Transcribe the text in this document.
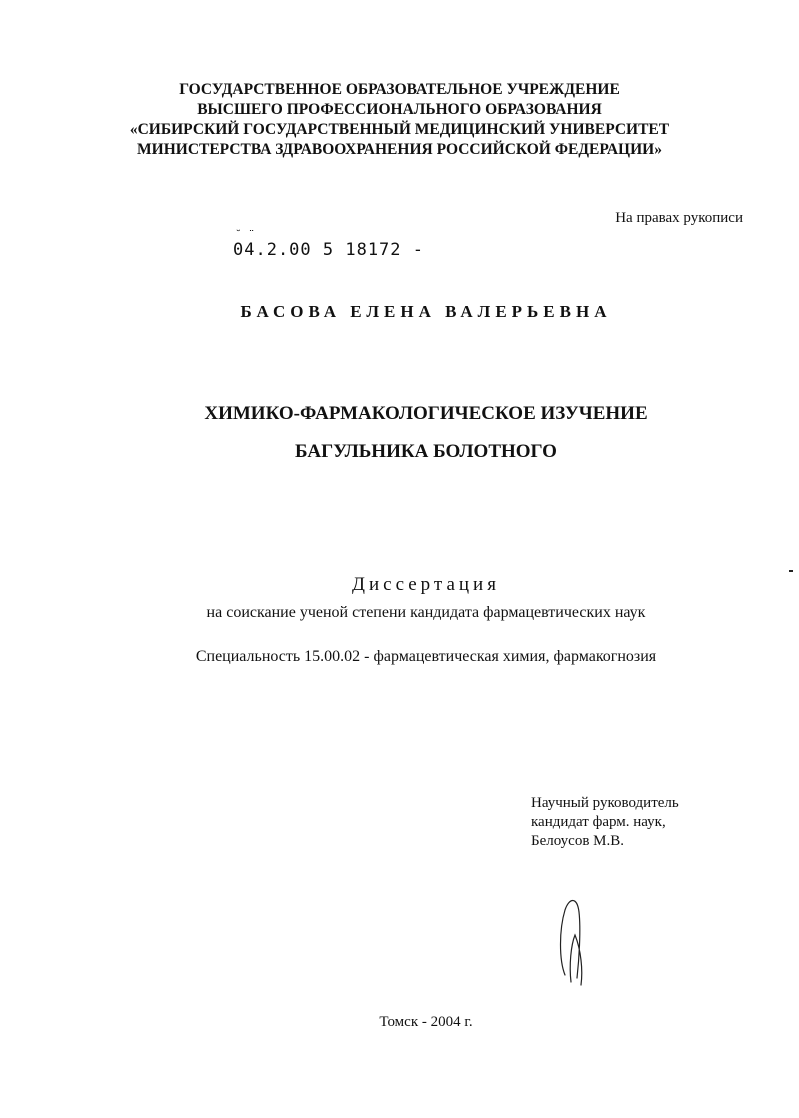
ГОСУДАРСТВЕННОЕ ОБРАЗОВАТЕЛЬНОЕ УЧРЕЖДЕНИЕ
ВЫСШЕГО ПРОФЕССИОНАЛЬНОГО ОБРАЗОВАНИЯ
«СИБИРСКИЙ ГОСУДАРСТВЕННЫЙ МЕДИЦИНСКИЙ УНИВЕРСИТЕТ
МИНИСТЕРСТВА ЗДРАВООХРАНЕНИЯ РОССИЙСКОЙ ФЕДЕРАЦИИ»
На правах рукописи
˘ ¨
04.2.00 5 18172 -
БАСОВА ЕЛЕНА ВАЛЕРЬЕВНА
ХИМИКО-ФАРМАКОЛОГИЧЕСКОЕ ИЗУЧЕНИЕ
БАГУЛЬНИКА БОЛОТНОГО
Диссертация
на соискание ученой степени кандидата фармацевтических наук
Специальность 15.00.02 - фармацевтическая химия, фармакогнозия
Научный руководитель
кандидат фарм. наук,
Белоусов М.В.
Томск - 2004 г.
